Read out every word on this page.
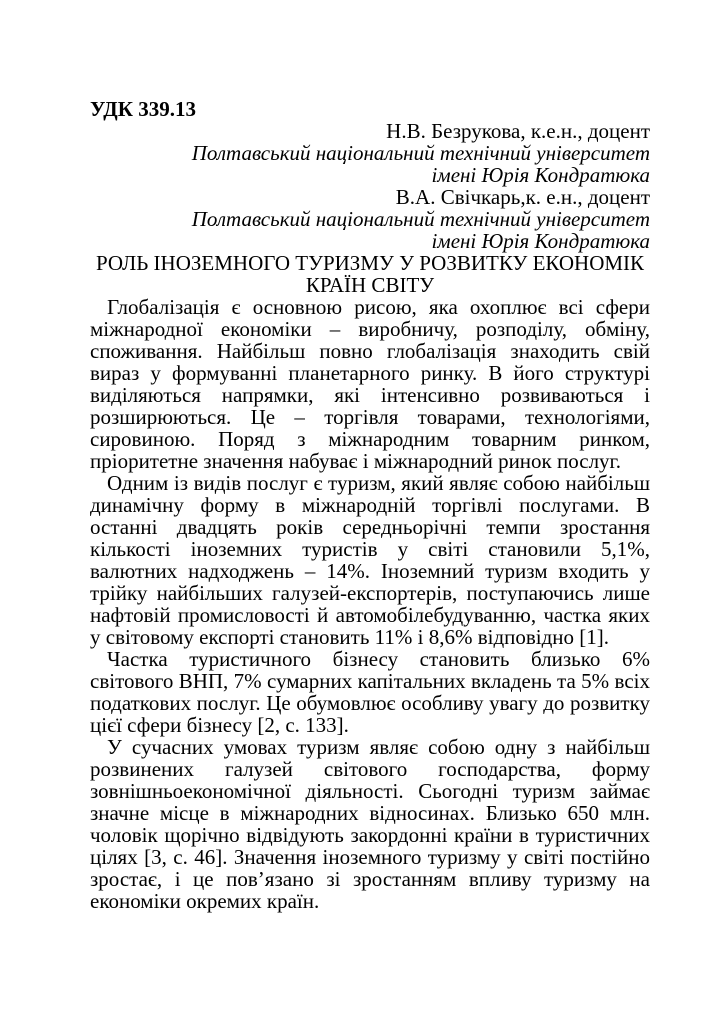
УДК 339.13

Н.В. Безрукова, к.е.н., доцент
Полтавський національний технічний університет
імені Юрія Кондратюка
В.А. Свічкарь,к. е.н., доцент
Полтавський національний технічний університет
імені Юрія Кондратюка
РОЛЬ ІНОЗЕМНОГО ТУРИЗМУ У РОЗВИТКУ ЕКОНОМІК КРАЇН СВІТУ

Глобалізація є основною рисою, яка охоплює всі сфери міжнародної економіки – виробничу, розподілу, обміну, споживання. Найбільш повно глобалізація знаходить свій вираз у формуванні планетарного ринку. В його структурі виділяються напрямки, які інтенсивно розвиваються і розширюються. Це – торгівля товарами, технологіями, сировиною. Поряд з міжнародним товарним ринком, пріоритетне значення набуває і міжнародний ринок послуг.

Одним із видів послуг є туризм, який являє собою найбільш динамічну форму в міжнародній торгівлі послугами. В останні двадцять років середньорічні темпи зростання кількості іноземних туристів у світі становили 5,1%, валютних надходжень – 14%. Іноземний туризм входить у трійку найбільших галузей-експортерів, поступаючись лише нафтовій промисловості й автомобілебудуванню, частка яких у світовому експорті становить 11% і 8,6% відповідно [1].

Частка туристичного бізнесу становить близько 6% світового ВНП, 7% сумарних капітальних вкладень та 5% всіх податкових послуг. Це обумовлює особливу увагу до розвитку цієї сфери бізнесу [2, с. 133].

У сучасних умовах туризм являє собою одну з найбільш розвинених галузей світового господарства, форму зовнішньоекономічної діяльності. Сьогодні туризм займає значне місце в міжнародних відносинах. Близько 650 млн. чоловік щорічно відвідують закордонні країни в туристичних цілях [3, с. 46]. Значення іноземного туризму у світі постійно зростає, і це пов’язано зі зростанням впливу туризму на економіки окремих країн.
